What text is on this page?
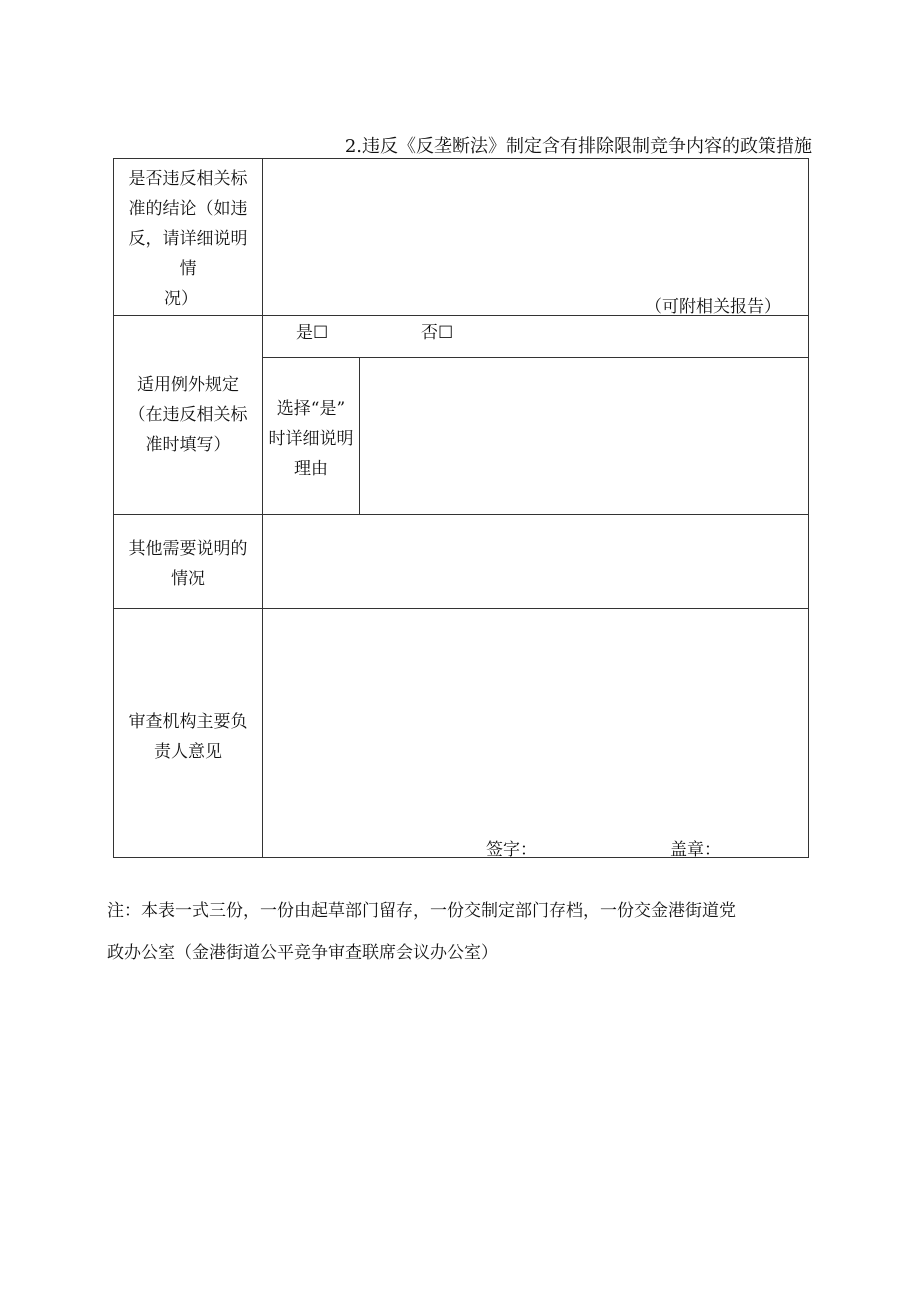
2.违反《反垄断法》制定含有排除限制竞争内容的政策措施
是否违反相关标
准的结论（如违
反，请详细说明
情
况）	（可附相关报告）
适用例外规定
（在违反相关标
准时填写）
是☐	否☐
选择“是”
时详细说明
理由
其他需要说明的
情况
审查机构主要负
责人意见
签字：	盖章：
注：本表一式三份，一份由起草部门留存，一份交制定部门存档，一份交金港街道党
政办公室（金港街道公平竞争审查联席会议办公室）
